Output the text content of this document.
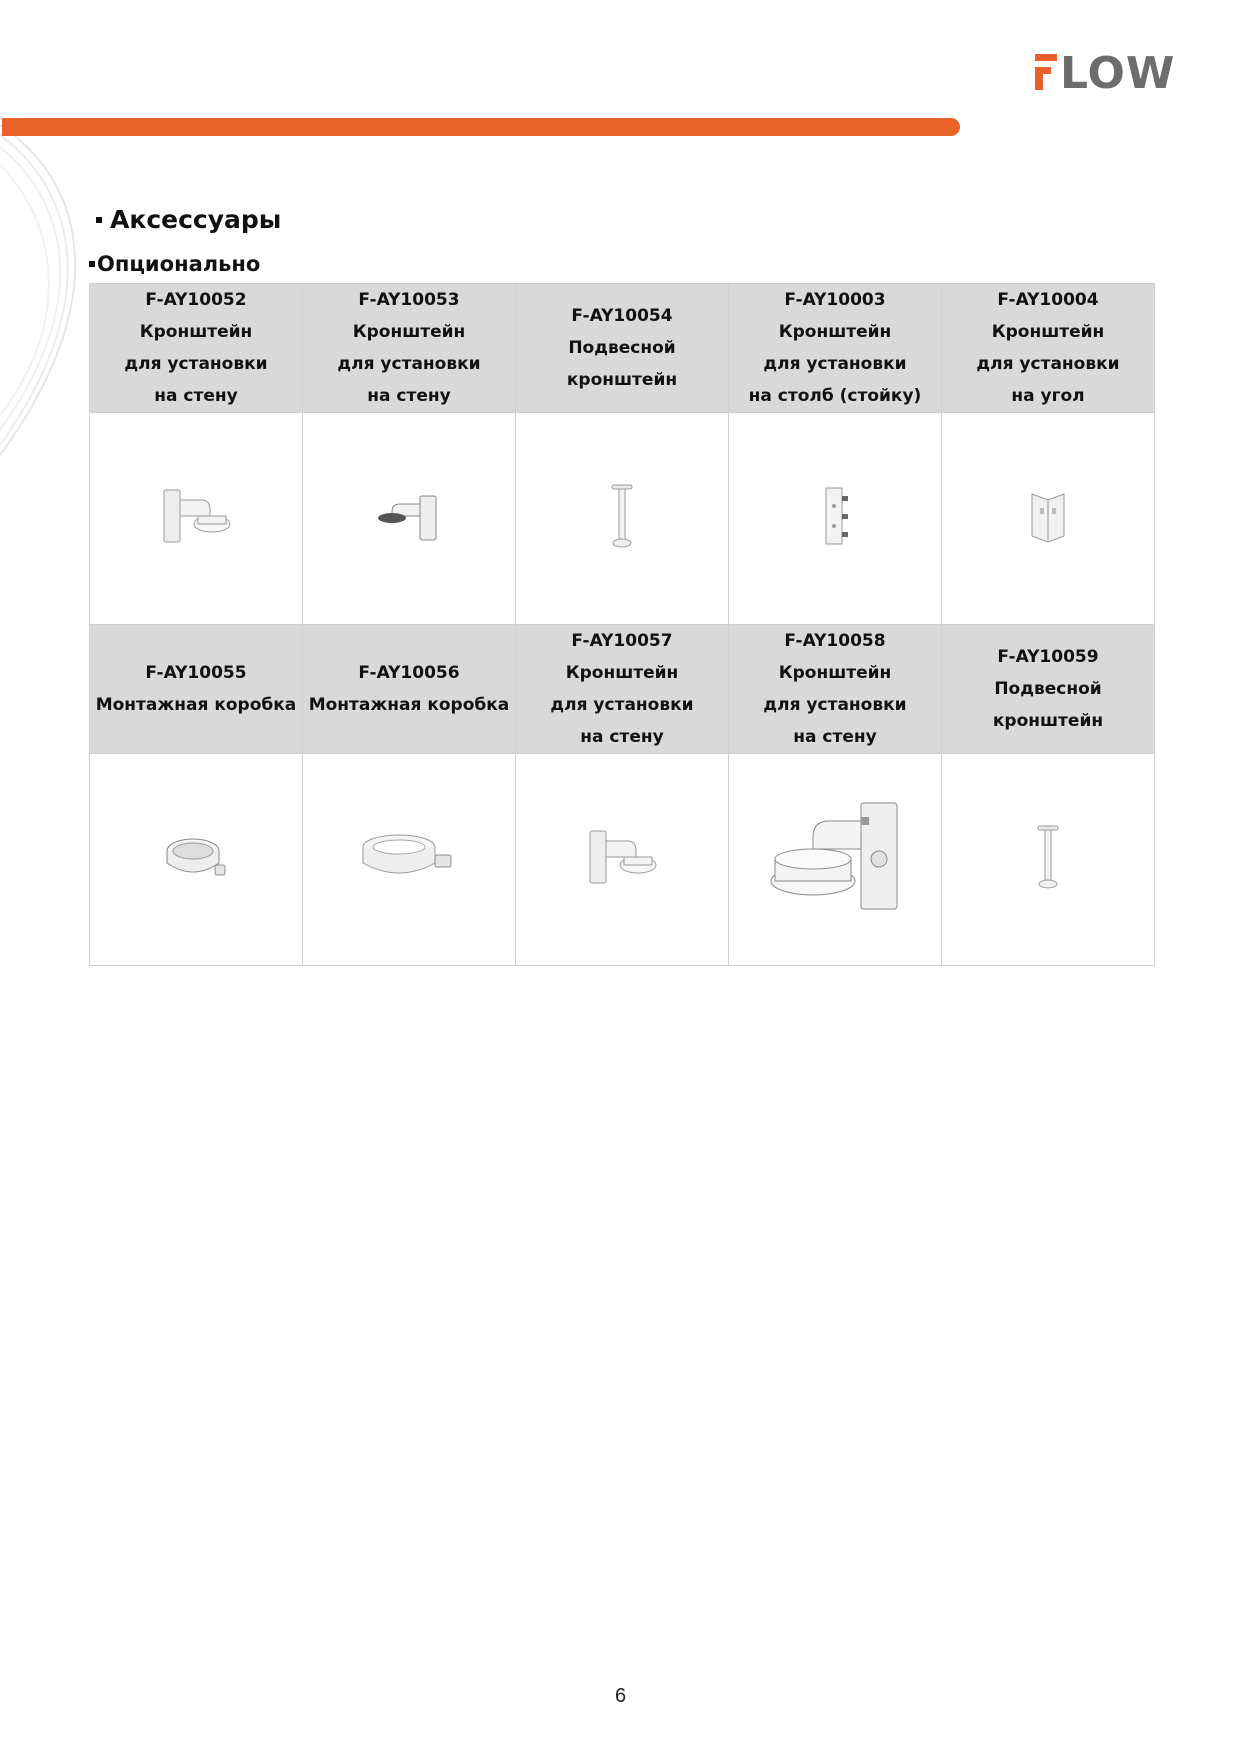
LOW
Аксессуары
Опционально
F-AY10052
Кронштейн
для установки
на стену	F-AY10053
Кронштейн
для установки
на стену	F-AY10054
Подвесной
кронштейн	F-AY10003
Кронштейн
для установки
на столб (стойку)	F-AY10004
Кронштейн
для установки
на угол

F-AY10055
Монтажная коробка	F-AY10056
Монтажная коробка	F-AY10057
Кронштейн
для установки
на стену	F-AY10058
Кронштейн
для установки
на стену	F-AY10059
Подвесной
кронштейн

6
